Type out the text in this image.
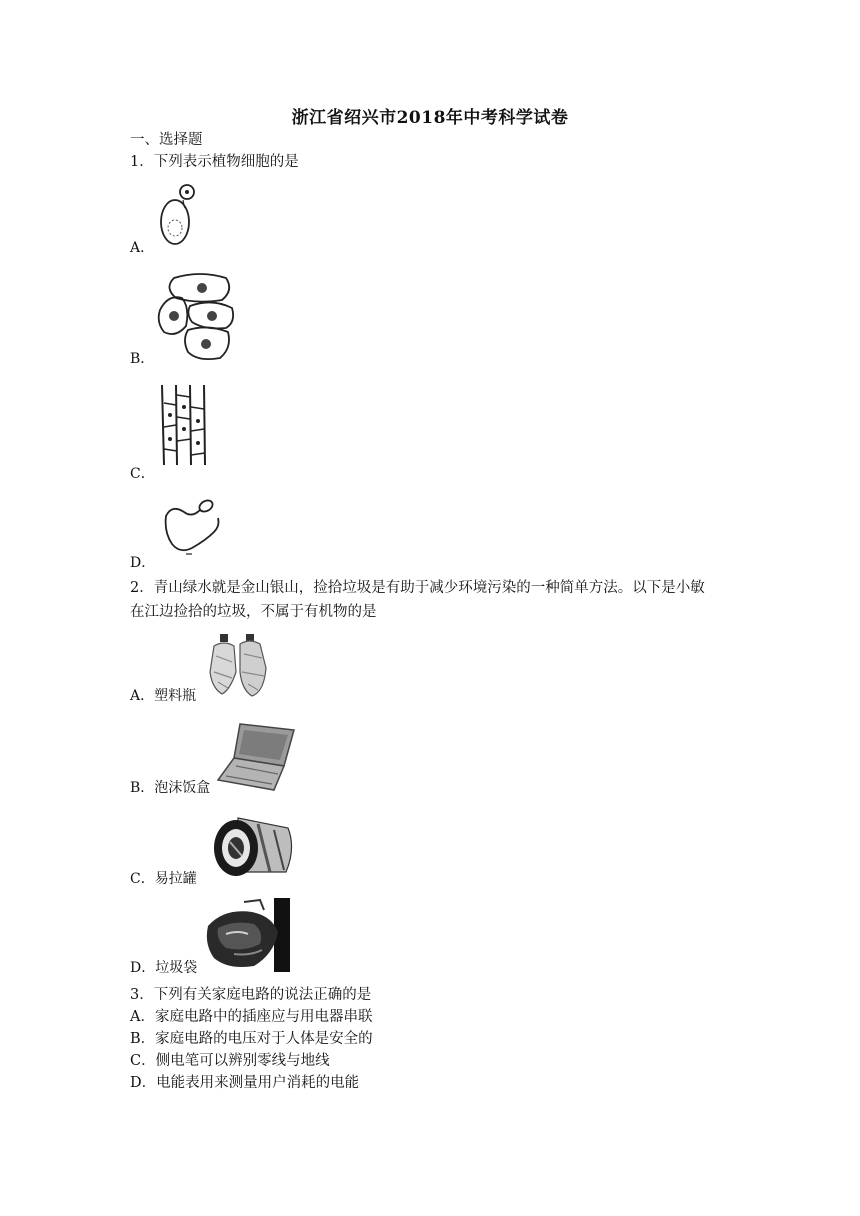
浙江省绍兴市2018年中考科学试卷
一、选择题
1．下列表示植物细胞的是
A．
B．
C．
D．
2．青山绿水就是金山银山，捡拾垃圾是有助于减少环境污染的一种简单方法。以下是小敏
在江边捡拾的垃圾，不属于有机物的是
A．塑料瓶
B．泡沫饭盒
C．易拉罐
D．垃圾袋
3．下列有关家庭电路的说法正确的是
A．家庭电路中的插座应与用电器串联
B．家庭电路的电压对于人体是安全的
C．侧电笔可以辨别零线与地线
D．电能表用来测量用户消耗的电能
